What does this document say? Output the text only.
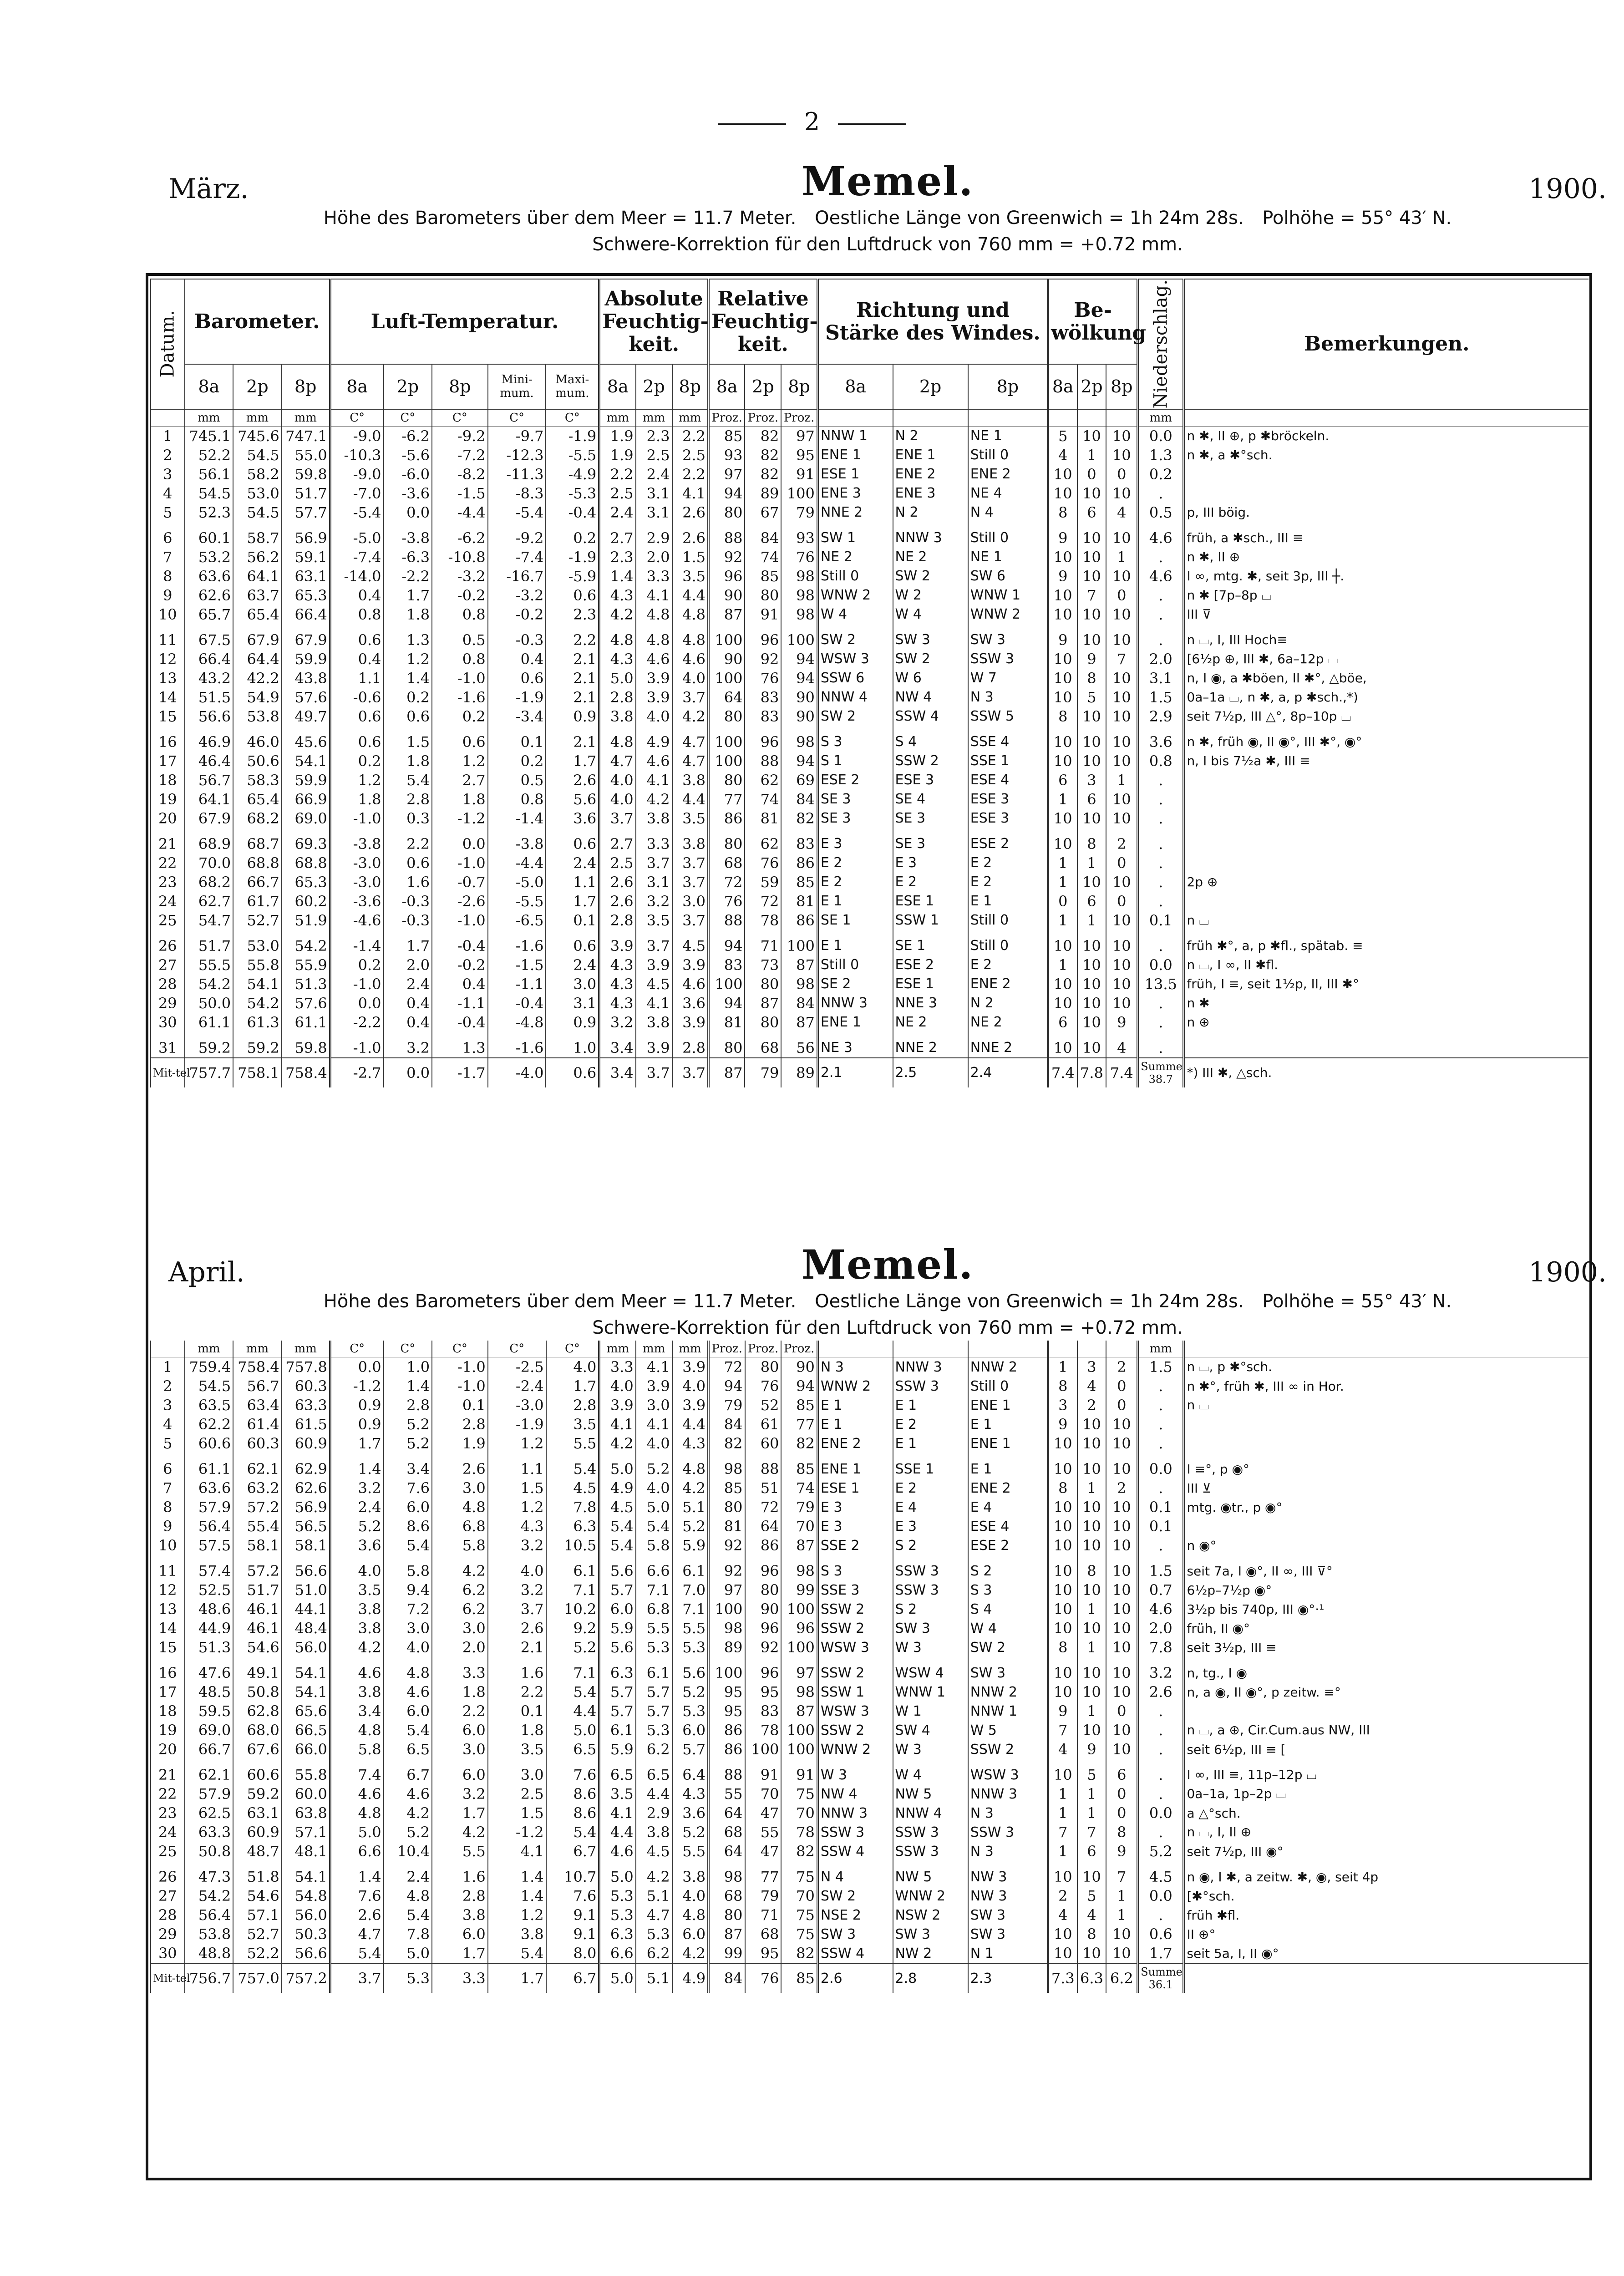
2
März.	Memel.	1900.
Höhe des Barometers über dem Meer = 11.7 Meter. Oestliche Länge von Greenwich = 1h 24m 28s. Polhöhe = 55° 43′ N.
Schwere-Korrektion für den Luftdruck von 760 mm = +0.72 mm.
Datum.	Barometer.			Luft-Temperatur.					Absolute Feuchtig-keit.			Relative Feuchtig-keit.			Richtung und Stärke des Windes.			Be-wölkung			Niederschlag.	Bemerkungen.
	8a	2p	8p	8a	2p	8p	Mini-mum.	Maxi-mum.	8a	2p	8p	8a	2p	8p	8a	2p	8p	8a	2p	8p		
	mm	mm	mm	C°	C°	C°	C°	C°	mm	mm	mm	Proz.	Proz.	Proz.							mm	
1	745.1	745.6	747.1	-9.0	-6.2	-9.2	-9.7	-1.9	1.9	2.3	2.2	85	82	97	NNW 1	N 2	NE 1	5	10	10	0.0	n ✱, II ⊕, p ✱bröckeln.
2	52.2	54.5	55.0	-10.3	-5.6	-7.2	-12.3	-5.5	1.9	2.5	2.5	93	82	95	ENE 1	ENE 1	Still 0	4	1	10	1.3	n ✱, a ✱°sch.
3	56.1	58.2	59.8	-9.0	-6.0	-8.2	-11.3	-4.9	2.2	2.4	2.2	97	82	91	ESE 1	ENE 2	ENE 2	10	0	0	0.2	
4	54.5	53.0	51.7	-7.0	-3.6	-1.5	-8.3	-5.3	2.5	3.1	4.1	94	89	100	ENE 3	ENE 3	NE 4	10	10	10	.	
5	52.3	54.5	57.7	-5.4	0.0	-4.4	-5.4	-0.4	2.4	3.1	2.6	80	67	79	NNE 2	N 2	N 4	8	6	4	0.5	p, III böig.

6	60.1	58.7	56.9	-5.0	-3.8	-6.2	-9.2	0.2	2.7	2.9	2.6	88	84	93	SW 1	NNW 3	Still 0	9	10	10	4.6	früh, a ✱sch., III ≡
7	53.2	56.2	59.1	-7.4	-6.3	-10.8	-7.4	-1.9	2.3	2.0	1.5	92	74	76	NE 2	NE 2	NE 1	10	10	1	.	n ✱, II ⊕
8	63.6	64.1	63.1	-14.0	-2.2	-3.2	-16.7	-5.9	1.4	3.3	3.5	96	85	98	Still 0	SW 2	SW 6	9	10	10	4.6	I ∞, mtg. ✱, seit 3p, III ┼.
9	62.6	63.7	65.3	0.4	1.7	-0.2	-3.2	0.6	4.3	4.1	4.4	90	80	98	WNW 2	W 2	WNW 1	10	7	0	.	n ✱ [7p–8p ⌴
10	65.7	65.4	66.4	0.8	1.8	0.8	-0.2	2.3	4.2	4.8	4.8	87	91	98	W 4	W 4	WNW 2	10	10	10	.	III ⊽

11	67.5	67.9	67.9	0.6	1.3	0.5	-0.3	2.2	4.8	4.8	4.8	100	96	100	SW 2	SW 3	SW 3	9	10	10	.	n ⌴, I, III Hoch≡
12	66.4	64.4	59.9	0.4	1.2	0.8	0.4	2.1	4.3	4.6	4.6	90	92	94	WSW 3	SW 2	SSW 3	10	9	7	2.0	[6½p ⊕, III ✱, 6a–12p ⌴
13	43.2	42.2	43.8	1.1	1.4	-1.0	0.6	2.1	5.0	3.9	4.0	100	76	94	SSW 6	W 6	W 7	10	8	10	3.1	n, I ◉, a ✱böen, II ✱°, △böe,
14	51.5	54.9	57.6	-0.6	0.2	-1.6	-1.9	2.1	2.8	3.9	3.7	64	83	90	NNW 4	NW 4	N 3	10	5	10	1.5	0a–1a ⌴, n ✱, a, p ✱sch.,*)
15	56.6	53.8	49.7	0.6	0.6	0.2	-3.4	0.9	3.8	4.0	4.2	80	83	90	SW 2	SSW 4	SSW 5	8	10	10	2.9	seit 7½p, III △°, 8p–10p ⌴

16	46.9	46.0	45.6	0.6	1.5	0.6	0.1	2.1	4.8	4.9	4.7	100	96	98	S 3	S 4	SSE 4	10	10	10	3.6	n ✱, früh ◉, II ◉°, III ✱°, ◉°
17	46.4	50.6	54.1	0.2	1.8	1.2	0.2	1.7	4.7	4.6	4.7	100	88	94	S 1	SSW 2	SSE 1	10	10	10	0.8	n, I bis 7½a ✱, III ≡
18	56.7	58.3	59.9	1.2	5.4	2.7	0.5	2.6	4.0	4.1	3.8	80	62	69	ESE 2	ESE 3	ESE 4	6	3	1	.	
19	64.1	65.4	66.9	1.8	2.8	1.8	0.8	5.6	4.0	4.2	4.4	77	74	84	SE 3	SE 4	ESE 3	1	6	10	.	
20	67.9	68.2	69.0	-1.0	0.3	-1.2	-1.4	3.6	3.7	3.8	3.5	86	81	82	SE 3	SE 3	ESE 3	10	10	10	.	

21	68.9	68.7	69.3	-3.8	2.2	0.0	-3.8	0.6	2.7	3.3	3.8	80	62	83	E 3	SE 3	ESE 2	10	8	2	.	
22	70.0	68.8	68.8	-3.0	0.6	-1.0	-4.4	2.4	2.5	3.7	3.7	68	76	86	E 2	E 3	E 2	1	1	0	.	
23	68.2	66.7	65.3	-3.0	1.6	-0.7	-5.0	1.1	2.6	3.1	3.7	72	59	85	E 2	E 2	E 2	1	10	10	.	2p ⊕
24	62.7	61.7	60.2	-3.6	-0.3	-2.6	-5.5	1.7	2.6	3.2	3.0	76	72	81	E 1	ESE 1	E 1	0	6	0	.	
25	54.7	52.7	51.9	-4.6	-0.3	-1.0	-6.5	0.1	2.8	3.5	3.7	88	78	86	SE 1	SSW 1	Still 0	1	1	10	0.1	n ⌴

26	51.7	53.0	54.2	-1.4	1.7	-0.4	-1.6	0.6	3.9	3.7	4.5	94	71	100	E 1	SE 1	Still 0	10	10	10	.	früh ✱°, a, p ✱fl., spätab. ≡
27	55.5	55.8	55.9	0.2	2.0	-0.2	-1.5	2.4	4.3	3.9	3.9	83	73	87	Still 0	ESE 2	E 2	1	10	10	0.0	n ⌴, I ∞, II ✱fl.
28	54.2	54.1	51.3	-1.0	2.4	0.4	-1.1	3.0	4.3	4.5	4.6	100	80	98	SE 2	ESE 1	ENE 2	10	10	10	13.5	früh, I ≡, seit 1½p, II, III ✱°
29	50.0	54.2	57.6	0.0	0.4	-1.1	-0.4	3.1	4.3	4.1	3.6	94	87	84	NNW 3	NNE 3	N 2	10	10	10	.	n ✱
30	61.1	61.3	61.1	-2.2	0.4	-0.4	-4.8	0.9	3.2	3.8	3.9	81	80	87	ENE 1	NE 2	NE 2	6	10	9	.	n ⊕

31	59.2	59.2	59.8	-1.0	3.2	1.3	-1.6	1.0	3.4	3.9	2.8	80	68	56	NE 3	NNE 2	NNE 2	10	10	4	.	
Mit-tel	757.7	758.1	758.4	-2.7	0.0	-1.7	-4.0	0.6	3.4	3.7	3.7	87	79	89	2.1	2.5	2.4	7.4	7.8	7.4	Summe 38.7	*) III ✱, △sch.
April.	Memel.	1900.
Höhe des Barometers über dem Meer = 11.7 Meter. Oestliche Länge von Greenwich = 1h 24m 28s. Polhöhe = 55° 43′ N.
Schwere-Korrektion für den Luftdruck von 760 mm = +0.72 mm.
	mm	mm	mm	C°	C°	C°	C°	C°	mm	mm	mm	Proz.	Proz.	Proz.							mm	
1	759.4	758.4	757.8	0.0	1.0	-1.0	-2.5	4.0	3.3	4.1	3.9	72	80	90	N 3	NNW 3	NNW 2	1	3	2	1.5	n ⌴, p ✱°sch.
2	54.5	56.7	60.3	-1.2	1.4	-1.0	-2.4	1.7	4.0	3.9	4.0	94	76	94	WNW 2	SSW 3	Still 0	8	4	0	.	n ✱°, früh ✱, III ∞ in Hor.
3	63.5	63.4	63.3	0.9	2.8	0.1	-3.0	2.8	3.9	3.0	3.9	79	52	85	E 1	E 1	ENE 1	3	2	0	.	n ⌴
4	62.2	61.4	61.5	0.9	5.2	2.8	-1.9	3.5	4.1	4.1	4.4	84	61	77	E 1	E 2	E 1	9	10	10	.	
5	60.6	60.3	60.9	1.7	5.2	1.9	1.2	5.5	4.2	4.0	4.3	82	60	82	ENE 2	E 1	ENE 1	10	10	10	.	

6	61.1	62.1	62.9	1.4	3.4	2.6	1.1	5.4	5.0	5.2	4.8	98	88	85	ENE 1	SSE 1	E 1	10	10	10	0.0	I ≡°, p ◉°
7	63.6	63.2	62.6	3.2	7.6	3.0	1.5	4.5	4.9	4.0	4.2	85	51	74	ESE 1	E 2	ENE 2	8	1	2	.	III ⊻
8	57.9	57.2	56.9	2.4	6.0	4.8	1.2	7.8	4.5	5.0	5.1	80	72	79	E 3	E 4	E 4	10	10	10	0.1	mtg. ◉tr., p ◉°
9	56.4	55.4	56.5	5.2	8.6	6.8	4.3	6.3	5.4	5.4	5.2	81	64	70	E 3	E 3	ESE 4	10	10	10	0.1	
10	57.5	58.1	58.1	3.6	5.4	5.8	3.2	10.5	5.4	5.8	5.9	92	86	87	SSE 2	S 2	ESE 2	10	10	10	.	n ◉°

11	57.4	57.2	56.6	4.0	5.8	4.2	4.0	6.1	5.6	6.6	6.1	92	96	98	S 3	SSW 3	S 2	10	8	10	1.5	seit 7a, I ◉°, II ∞, III ⊽°
12	52.5	51.7	51.0	3.5	9.4	6.2	3.2	7.1	5.7	7.1	7.0	97	80	99	SSE 3	SSW 3	S 3	10	10	10	0.7	6½p–7½p ◉°
13	48.6	46.1	44.1	3.8	7.2	6.2	3.7	10.2	6.0	6.8	7.1	100	90	100	SSW 2	S 2	S 4	10	1	10	4.6	3½p bis 740p, III ◉°·¹
14	44.9	46.1	48.4	3.8	3.0	3.0	2.6	9.2	5.9	5.5	5.5	98	96	96	SSW 2	SW 3	W 4	10	10	10	2.0	früh, II ◉°
15	51.3	54.6	56.0	4.2	4.0	2.0	2.1	5.2	5.6	5.3	5.3	89	92	100	WSW 3	W 3	SW 2	8	1	10	7.8	seit 3½p, III ≡

16	47.6	49.1	54.1	4.6	4.8	3.3	1.6	7.1	6.3	6.1	5.6	100	96	97	SSW 2	WSW 4	SW 3	10	10	10	3.2	n, tg., I ◉
17	48.5	50.8	54.1	3.8	4.6	1.8	2.2	5.4	5.7	5.7	5.2	95	95	98	SSW 1	WNW 1	NNW 2	10	10	10	2.6	n, a ◉, II ◉°, p zeitw. ≡°
18	59.5	62.8	65.6	3.4	6.0	2.2	0.1	4.4	5.7	5.7	5.3	95	83	87	WSW 3	W 1	NNW 1	9	1	0	.	
19	69.0	68.0	66.5	4.8	5.4	6.0	1.8	5.0	6.1	5.3	6.0	86	78	100	SSW 2	SW 4	W 5	7	10	10	.	n ⌴, a ⊕, Cir.Cum.aus NW, III
20	66.7	67.6	66.0	5.8	6.5	3.0	3.5	6.5	5.9	6.2	5.7	86	100	100	WNW 2	W 3	SSW 2	4	9	10	.	seit 6½p, III ≡ [

21	62.1	60.6	55.8	7.4	6.7	6.0	3.0	7.6	6.5	6.5	6.4	88	91	91	W 3	W 4	WSW 3	10	5	6	.	I ∞, III ≡, 11p–12p ⌴
22	57.9	59.2	60.0	4.6	4.6	3.2	2.5	8.6	3.5	4.4	4.3	55	70	75	NW 4	NW 5	NNW 3	1	1	0	.	0a–1a, 1p–2p ⌴
23	62.5	63.1	63.8	4.8	4.2	1.7	1.5	8.6	4.1	2.9	3.6	64	47	70	NNW 3	NNW 4	N 3	1	1	0	0.0	a △°sch.
24	63.3	60.9	57.1	5.0	5.2	4.2	-1.2	5.4	4.4	3.8	5.2	68	55	78	SSW 3	SSW 3	SSW 3	7	7	8	.	n ⌴, I, II ⊕
25	50.8	48.7	48.1	6.6	10.4	5.5	4.1	6.7	4.6	4.5	5.5	64	47	82	SSW 4	SSW 3	N 3	1	6	9	5.2	seit 7½p, III ◉°

26	47.3	51.8	54.1	1.4	2.4	1.6	1.4	10.7	5.0	4.2	3.8	98	77	75	N 4	NW 5	NW 3	10	10	7	4.5	n ◉, I ✱, a zeitw. ✱, ◉, seit 4p
27	54.2	54.6	54.8	7.6	4.8	2.8	1.4	7.6	5.3	5.1	4.0	68	79	70	SW 2	WNW 2	NW 3	2	5	1	0.0	[✱°sch.
28	56.4	57.1	56.0	2.6	5.4	3.8	1.2	9.1	5.3	4.7	4.8	80	71	75	NSE 2	NSW 2	SW 3	4	4	1	.	früh ✱fl.
29	53.8	52.7	50.3	4.7	7.8	6.0	3.8	9.1	6.3	5.3	6.0	87	68	75	SW 3	SW 3	SW 3	10	8	10	0.6	II ⊕°
30	48.8	52.2	56.6	5.4	5.0	1.7	5.4	8.0	6.6	6.2	4.2	99	95	82	SSW 4	NW 2	N 1	10	10	10	1.7	seit 5a, I, II ◉°
Mit-tel	756.7	757.0	757.2	3.7	5.3	3.3	1.7	6.7	5.0	5.1	4.9	84	76	85	2.6	2.8	2.3	7.3	6.3	6.2	Summe 36.1	
